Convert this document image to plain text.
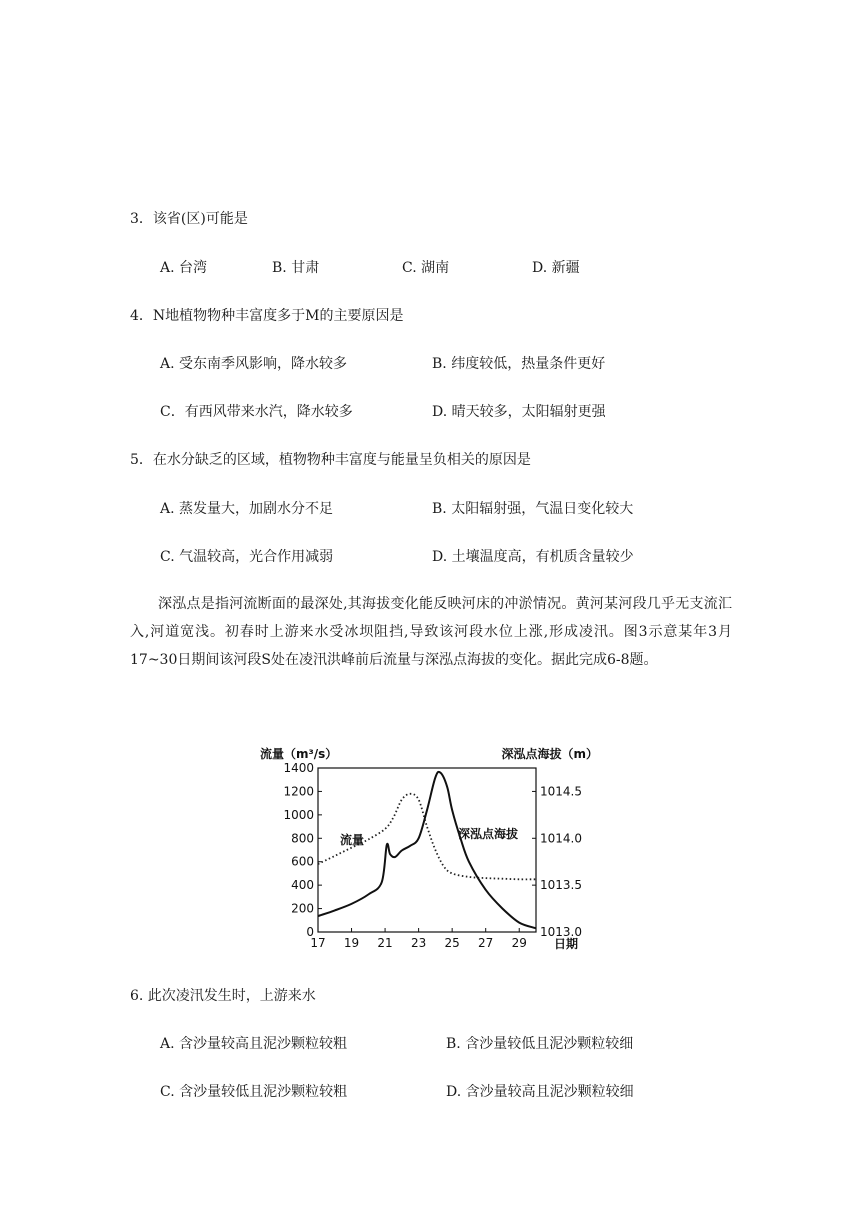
3．该省(区)可能是
A. 台湾	B. 甘肃	C. 湖南	D. 新疆
4．N地植物物种丰富度多于M的主要原因是
A. 受东南季风影响，降水较多	B. 纬度较低，热量条件更好
C．有西风带来水汽，降水较多	D. 晴天较多，太阳辐射更强
5．在水分缺乏的区域，植物物种丰富度与能量呈负相关的原因是
A. 蒸发量大，加剧水分不足	B. 太阳辐射强，气温日变化较大
C. 气温较高，光合作用减弱	D. 土壤温度高，有机质含量较少
深泓点是指河流断面的最深处,其海拔变化能反映河床的冲淤情况。黄河某河段几乎无支流汇入,河道宽浅。初春时上游来水受冰坝阻挡,导致该河段水位上涨,形成凌汛。图3示意某年3月17~30日期间该河段S处在凌汛洪峰前后流量与深泓点海拔的变化。据此完成6-8题。
流量（m³/s）	深泓点海拔（m）
日期
0
200
400
600
800
1000
1200
1400
1013.0
1013.5
1014.0
1014.5
17 19 21 23 25 27 29
流量	深泓点海拔
6. 此次凌汛发生时，上游来水
A. 含沙量较高且泥沙颗粒较粗	B. 含沙量较低且泥沙颗粒较细
C. 含沙量较低且泥沙颗粒较粗	D. 含沙量较高且泥沙颗粒较细
